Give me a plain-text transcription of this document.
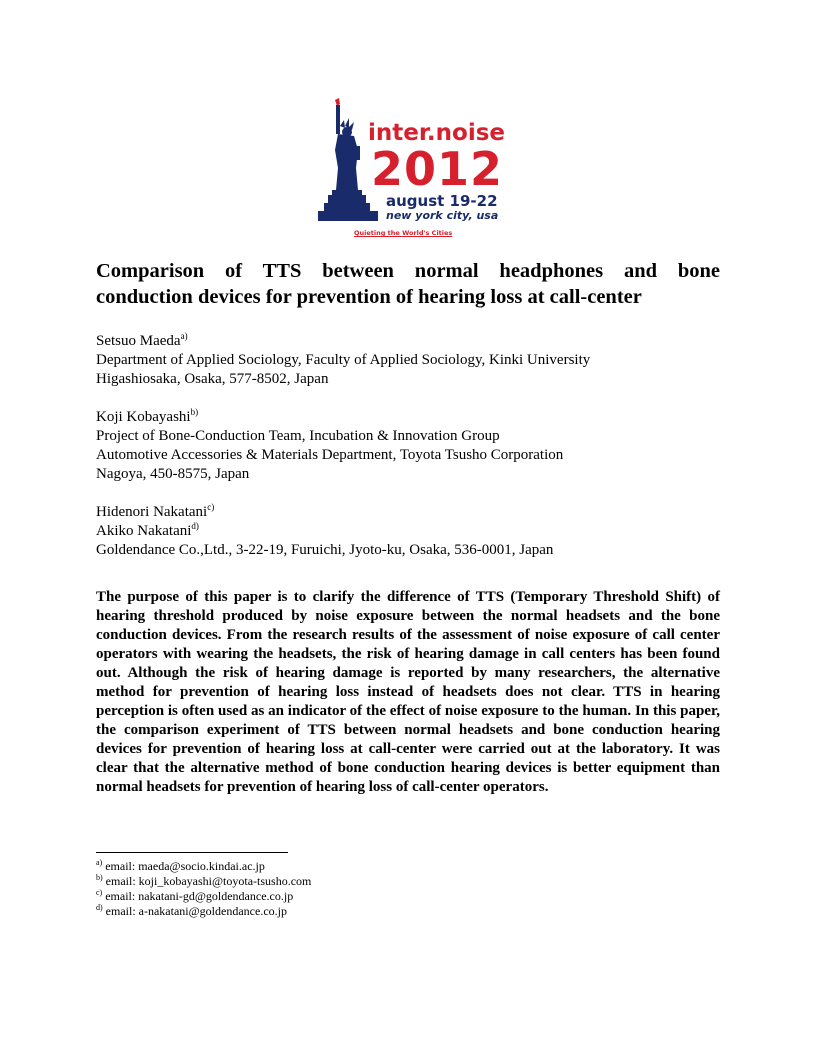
inter.noise
2012
august 19-22
new york city, usa
Quieting the World's Cities
Comparison of TTS between normal headphones and bone
conduction devices for prevention of hearing loss at call-center

Setsuo Maeda$^{a)}$

Department of Applied Sociology, Faculty of Applied Sociology, Kinki University

Higashiosaka, Osaka, 577-8502, Japan

Koji Kobayashi$^{b)}$

Project of Bone-Conduction Team, Incubation & Innovation Group

Automotive Accessories & Materials Department, Toyota Tsusho Corporation

Nagoya, 450-8575, Japan

Hidenori Nakatani$^{c)}$

Akiko Nakatani$^{d)}$

Goldendance Co.,Ltd., 3-22-19, Furuichi, Jyoto-ku, Osaka, 536-0001, Japan

The purpose of this paper is to clarify the difference of TTS (Temporary Threshold Shift) of hearing threshold produced by noise exposure between the normal headsets and the bone conduction devices. From the research results of the assessment of noise exposure of call center operators with wearing the headsets, the risk of hearing damage in call centers has been found out. Although the risk of hearing damage is reported by many researchers, the alternative method for prevention of hearing loss instead of headsets does not clear. TTS in hearing perception is often used as an indicator of the effect of noise exposure to the human. In this paper, the comparison experiment of TTS between normal headsets and bone conduction hearing devices for prevention of hearing loss at call-center were carried out at the laboratory. It was clear that the alternative method of bone conduction hearing devices is better equipment than normal headsets for prevention of hearing loss of call-center operators.

$^{a)}$ email: maeda@socio.kindai.ac.jp
$^{b)}$ email: koji_kobayashi@toyota-tsusho.com
$^{c)}$ email: nakatani-gd@goldendance.co.jp
$^{d)}$ email: a-nakatani@goldendance.co.jp
